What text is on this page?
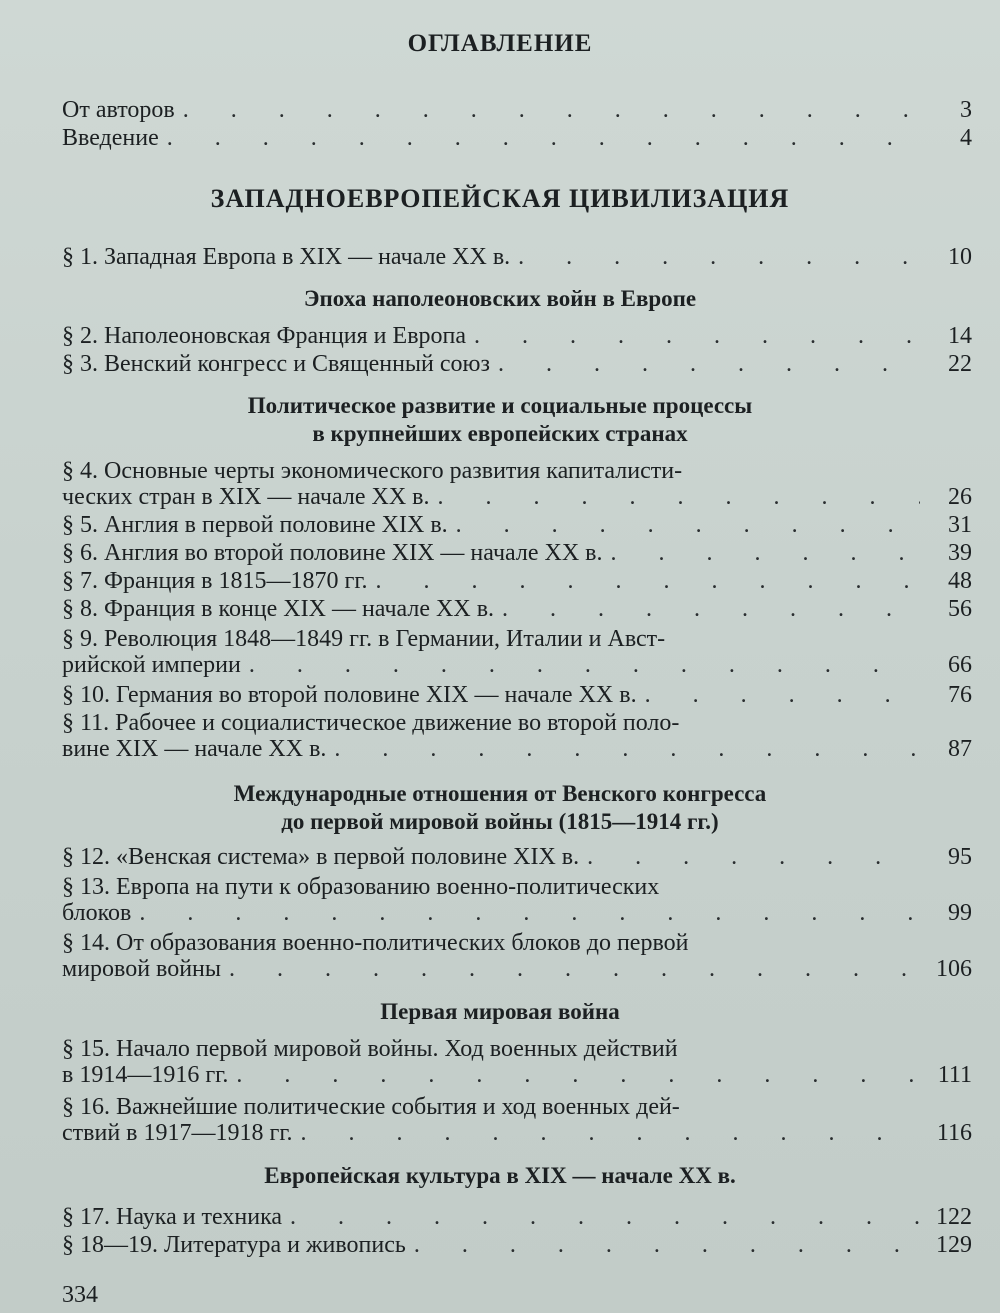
ОГЛАВЛЕНИЕ
От авторов . . .	3
Введение . . .	4
ЗАПАДНОЕВРОПЕЙСКАЯ ЦИВИЛИЗАЦИЯ
§ 1. Западная Европа в XIX — начале XX в. . . .	10
Эпоха наполеоновских войн в Европе
§ 2. Наполеоновская Франция и Европа . . .	14
§ 3. Венский конгресс и Священный союз . . .	22
Политическое развитие и социальные процессы
в крупнейших европейских странах
§ 4. Основные черты экономического развития капиталисти-
ческих стран в XIX — начале XX в. . . .	26
§ 5. Англия в первой половине XIX в. . . .	31
§ 6. Англия во второй половине XIX — начале XX в. . . .	39
§ 7. Франция в 1815—1870 гг. . . .	48
§ 8. Франция в конце XIX — начале XX в. . . .	56
§ 9. Революция 1848—1849 гг. в Германии, Италии и Авст-
рийской империи . . .	66
§ 10. Германия во второй половине XIX — начале XX в. . . .	76
§ 11. Рабочее и социалистическое движение во второй поло-
вине XIX — начале XX в. . . .	87
Международные отношения от Венского конгресса
до первой мировой войны (1815—1914 гг.)
§ 12. «Венская система» в первой половине XIX в. . . .	95
§ 13. Европа на пути к образованию военно-политических
блоков . . .	99
§ 14. От образования военно-политических блоков до первой
мировой войны . . .	106
Первая мировая война
§ 15. Начало первой мировой войны. Ход военных действий
в 1914—1916 гг. . . .	111
§ 16. Важнейшие политические события и ход военных дей-
ствий в 1917—1918 гг. . . .	116
Европейская культура в XIX — начале XX в.
§ 17. Наука и техника . . .	122
§ 18—19. Литература и живопись . . .	129
334
